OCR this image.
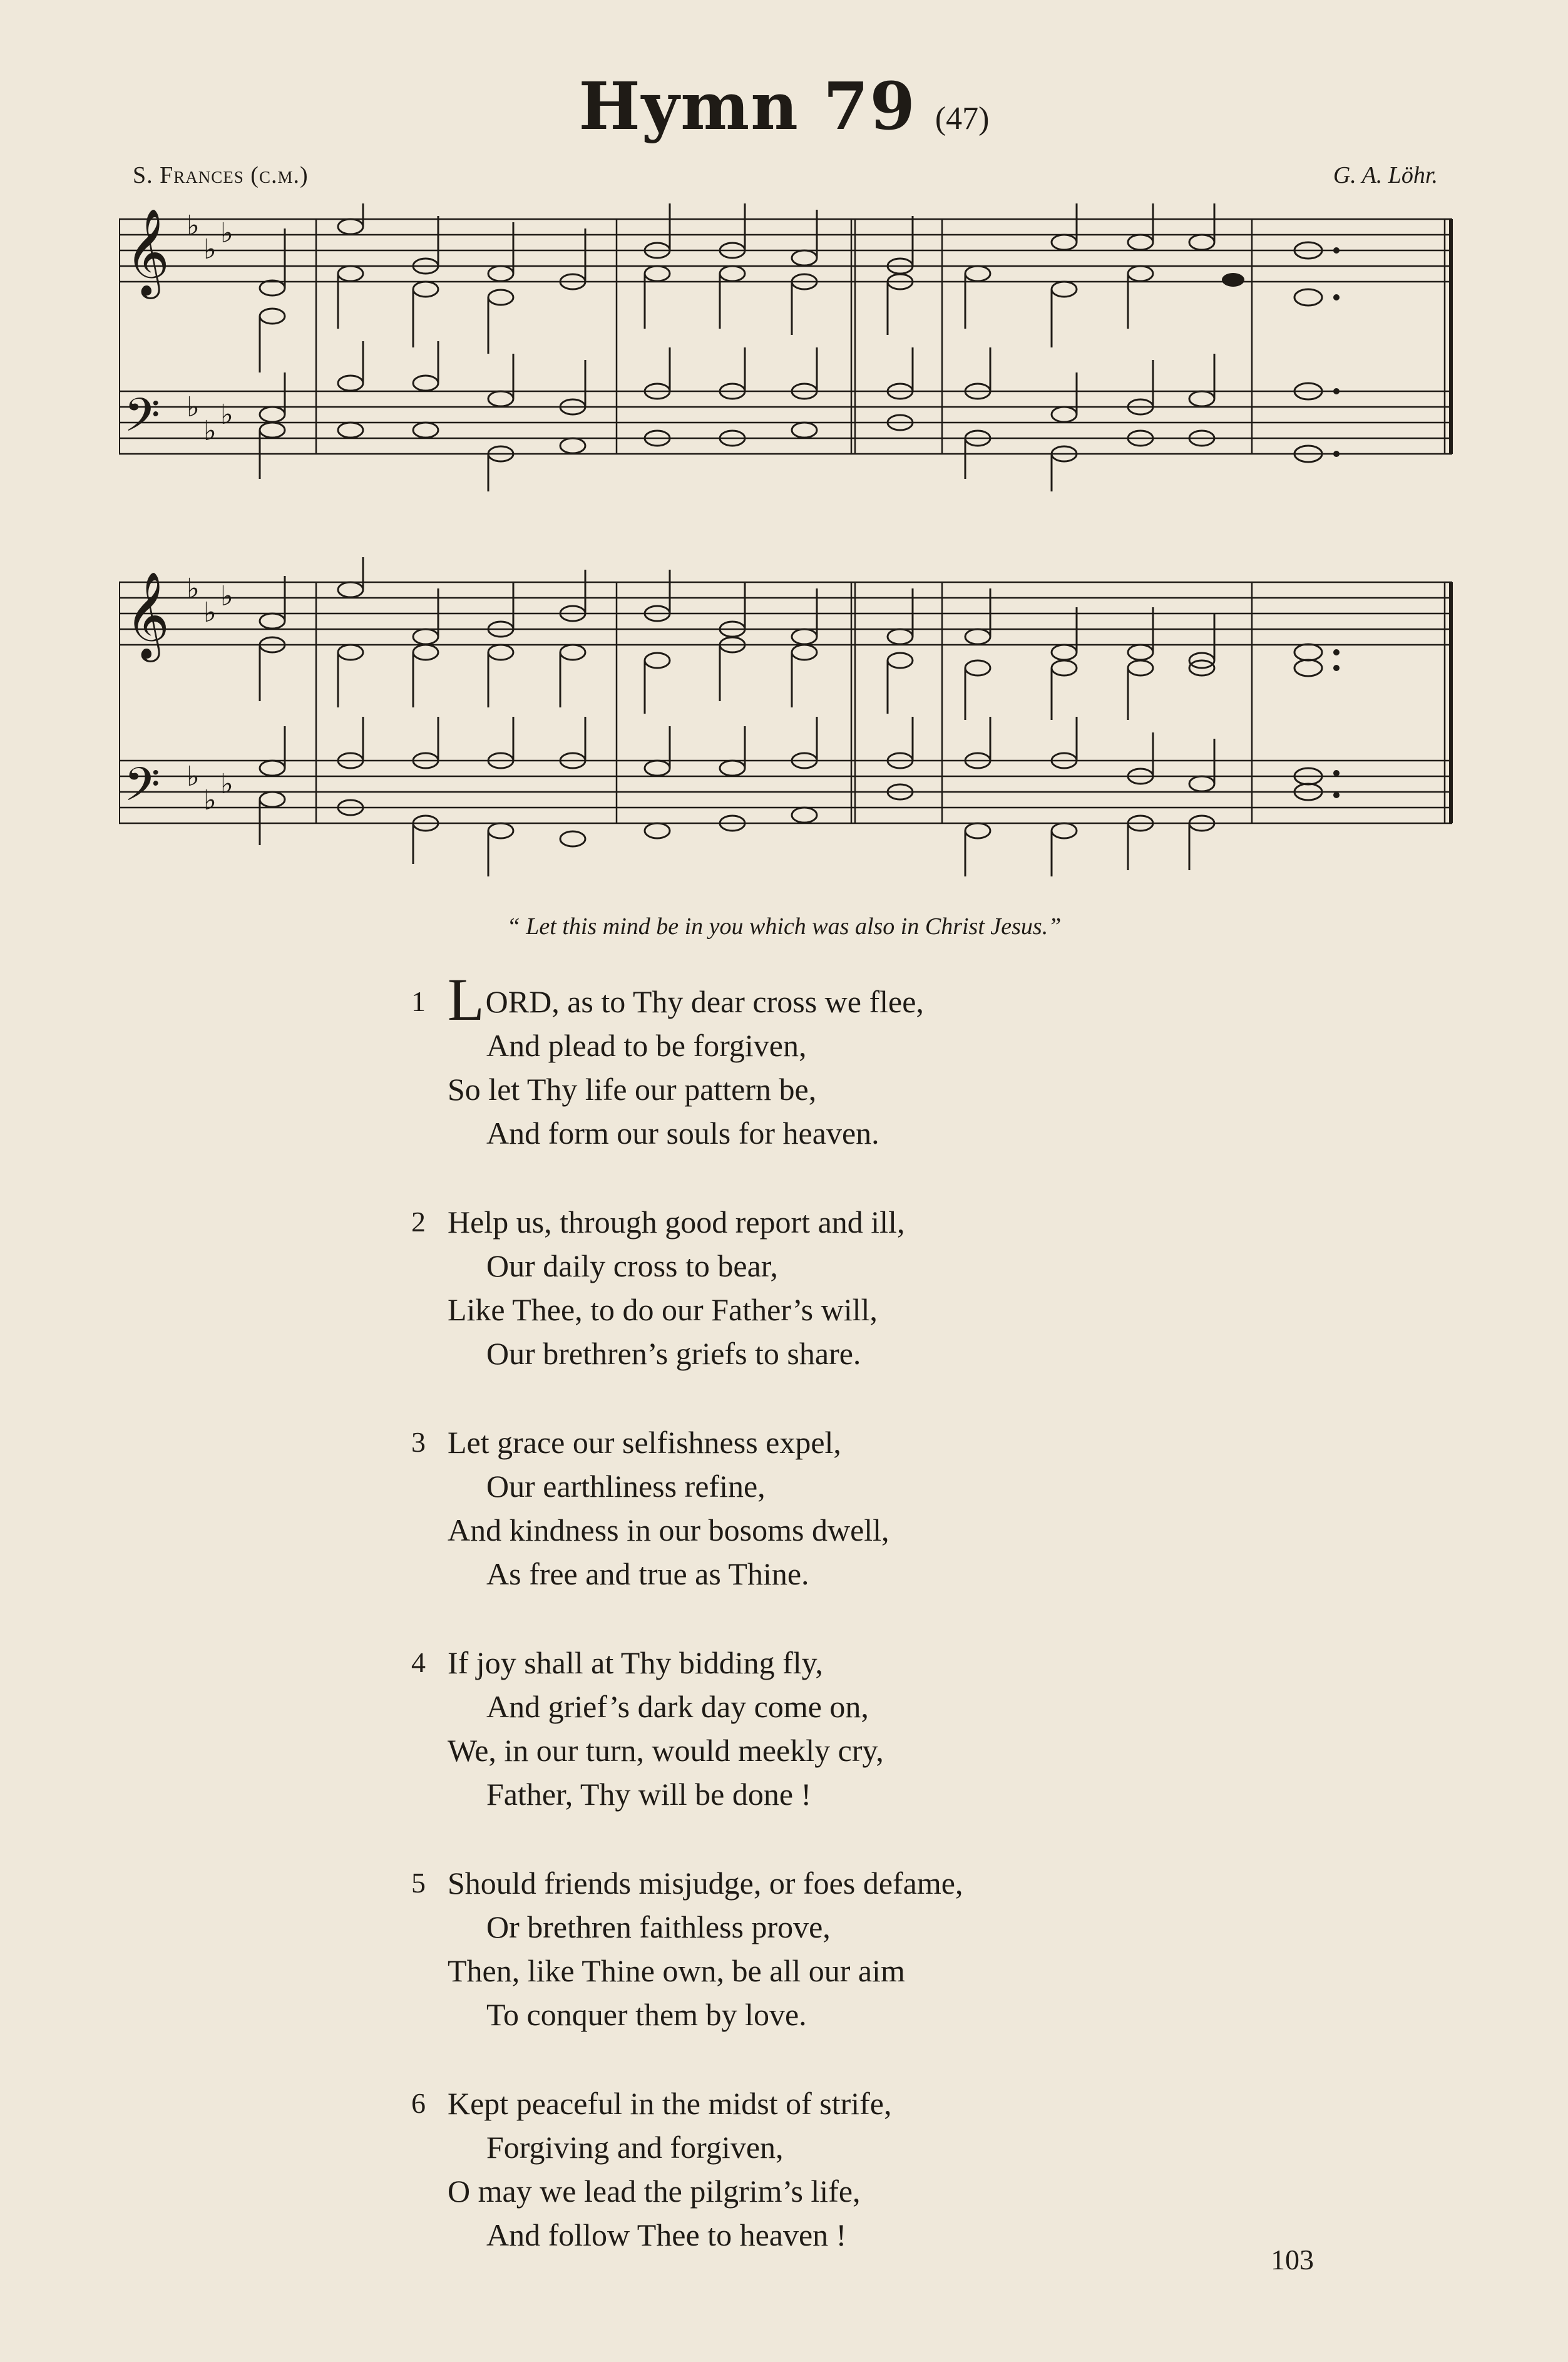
Hymn 79 (47)
S. Frances (c.m.)	G. A. Löhr.
𝄞
𝄢
♭
♭
♭
♭
♭
♭
𝄞
𝄢
♭
♭
♭
♭
♭
♭
“ Let this mind be in you which was also in Christ Jesus.”
1 LORD, as to Thy dear cross we flee,
And plead to be forgiven,
So let Thy life our pattern be,
And form our souls for heaven.
2 Help us, through good report and ill,
Our daily cross to bear,
Like Thee, to do our Father’s will,
Our brethren’s griefs to share.
3 Let grace our selfishness expel,
Our earthliness refine,
And kindness in our bosoms dwell,
As free and true as Thine.
4 If joy shall at Thy bidding fly,
And grief’s dark day come on,
We, in our turn, would meekly cry,
Father, Thy will be done !
5 Should friends misjudge, or foes defame,
Or brethren faithless prove,
Then, like Thine own, be all our aim
To conquer them by love.
6 Kept peaceful in the midst of strife,
Forgiving and forgiven,
O may we lead the pilgrim’s life,
And follow Thee to heaven !
103
